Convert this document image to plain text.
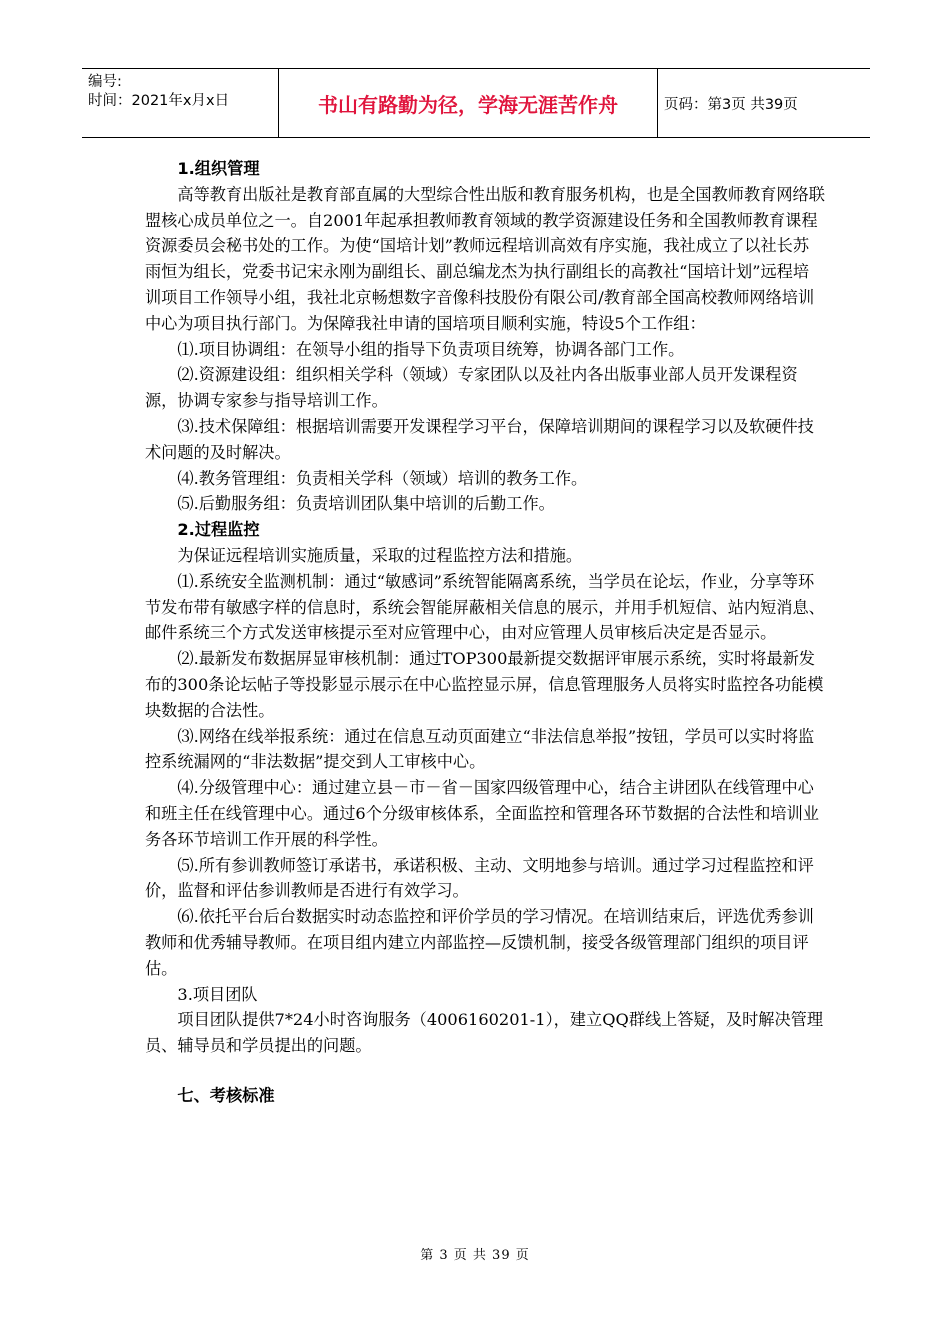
编号:
时间：2021年x月x日	书山有路勤为径，学海无涯苦作舟	页码：第3页 共39页

1.组织管理

高等教育出版社是教育部直属的大型综合性出版和教育服务机构，也是全国教师教育网络联盟核心成员单位之一。自2001年起承担教师教育领域的教学资源建设任务和全国教师教育课程资源委员会秘书处的工作。为使“国培计划”教师远程培训高效有序实施，我社成立了以社长苏雨恒为组长，党委书记宋永刚为副组长、副总编龙杰为执行副组长的高教社“国培计划”远程培训项目工作领导小组，我社北京畅想数字音像科技股份有限公司/教育部全国高校教师网络培训中心为项目执行部门。为保障我社申请的国培项目顺利实施，特设5个工作组：

⑴.项目协调组：在领导小组的指导下负责项目统筹，协调各部门工作。

⑵.资源建设组：组织相关学科（领域）专家团队以及社内各出版事业部人员开发课程资源，协调专家参与指导培训工作。

⑶.技术保障组：根据培训需要开发课程学习平台，保障培训期间的课程学习以及软硬件技术问题的及时解决。

⑷.教务管理组：负责相关学科（领域）培训的教务工作。

⑸.后勤服务组：负责培训团队集中培训的后勤工作。

2.过程监控

为保证远程培训实施质量，采取的过程监控方法和措施。

⑴.系统安全监测机制：通过“敏感词”系统智能隔离系统，当学员在论坛，作业，分享等环节发布带有敏感字样的信息时，系统会智能屏蔽相关信息的展示，并用手机短信、站内短消息、邮件系统三个方式发送审核提示至对应管理中心，由对应管理人员审核后决定是否显示。

⑵.最新发布数据屏显审核机制：通过TOP300最新提交数据评审展示系统，实时将最新发布的300条论坛帖子等投影显示展示在中心监控显示屏，信息管理服务人员将实时监控各功能模块数据的合法性。

⑶.网络在线举报系统：通过在信息互动页面建立“非法信息举报”按钮，学员可以实时将监控系统漏网的“非法数据”提交到人工审核中心。

⑷.分级管理中心：通过建立县－市－省－国家四级管理中心，结合主讲团队在线管理中心和班主任在线管理中心。通过6个分级审核体系，全面监控和管理各环节数据的合法性和培训业务各环节培训工作开展的科学性。

⑸.所有参训教师签订承诺书，承诺积极、主动、文明地参与培训。通过学习过程监控和评价，监督和评估参训教师是否进行有效学习。

⑹.依托平台后台数据实时动态监控和评价学员的学习情况。在培训结束后，评选优秀参训教师和优秀辅导教师。在项目组内建立内部监控—反馈机制，接受各级管理部门组织的项目评估。

3.项目团队

项目团队提供7*24小时咨询服务（4006160201-1），建立QQ群线上答疑，及时解决管理员、辅导员和学员提出的问题。

七、考核标准

第 3 页 共 39 页
